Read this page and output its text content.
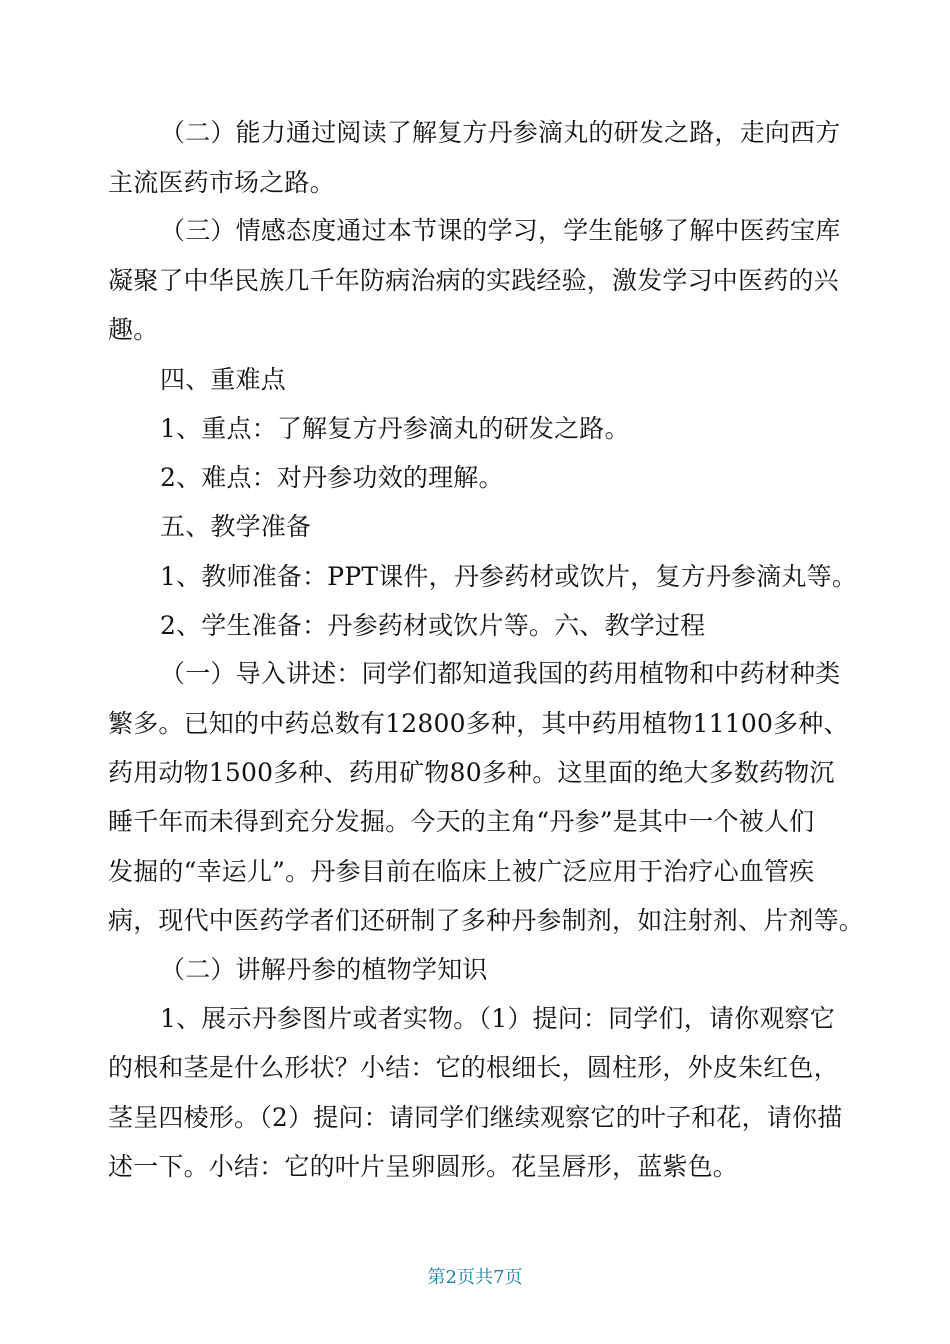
（二）能力通过阅读了解复方丹参滴丸的研发之路，走向西方
主流医药市场之路。
（三）情感态度通过本节课的学习，学生能够了解中医药宝库
凝聚了中华民族几千年防病治病的实践经验，激发学习中医药的兴
趣。
四、重难点
1、重点：了解复方丹参滴丸的研发之路。
2、难点：对丹参功效的理解。
五、教学准备
1、教师准备：PPT课件，丹参药材或饮片，复方丹参滴丸等。
2、学生准备：丹参药材或饮片等。六、教学过程
（一）导入讲述：同学们都知道我国的药用植物和中药材种类
繁多。已知的中药总数有12800多种，其中药用植物11100多种、
药用动物1500多种、药用矿物80多种。这里面的绝大多数药物沉
睡千年而未得到充分发掘。今天的主角“丹参”是其中一个被人们
发掘的“幸运儿”。丹参目前在临床上被广泛应用于治疗心血管疾
病，现代中医药学者们还研制了多种丹参制剂，如注射剂、片剂等。
（二）讲解丹参的植物学知识
1、展示丹参图片或者实物。（1）提问：同学们，请你观察它
的根和茎是什么形状？小结：它的根细长，圆柱形，外皮朱红色，
茎呈四棱形。（2）提问：请同学们继续观察它的叶子和花，请你描
述一下。小结：它的叶片呈卵圆形。花呈唇形，蓝紫色。
第2页共7页
